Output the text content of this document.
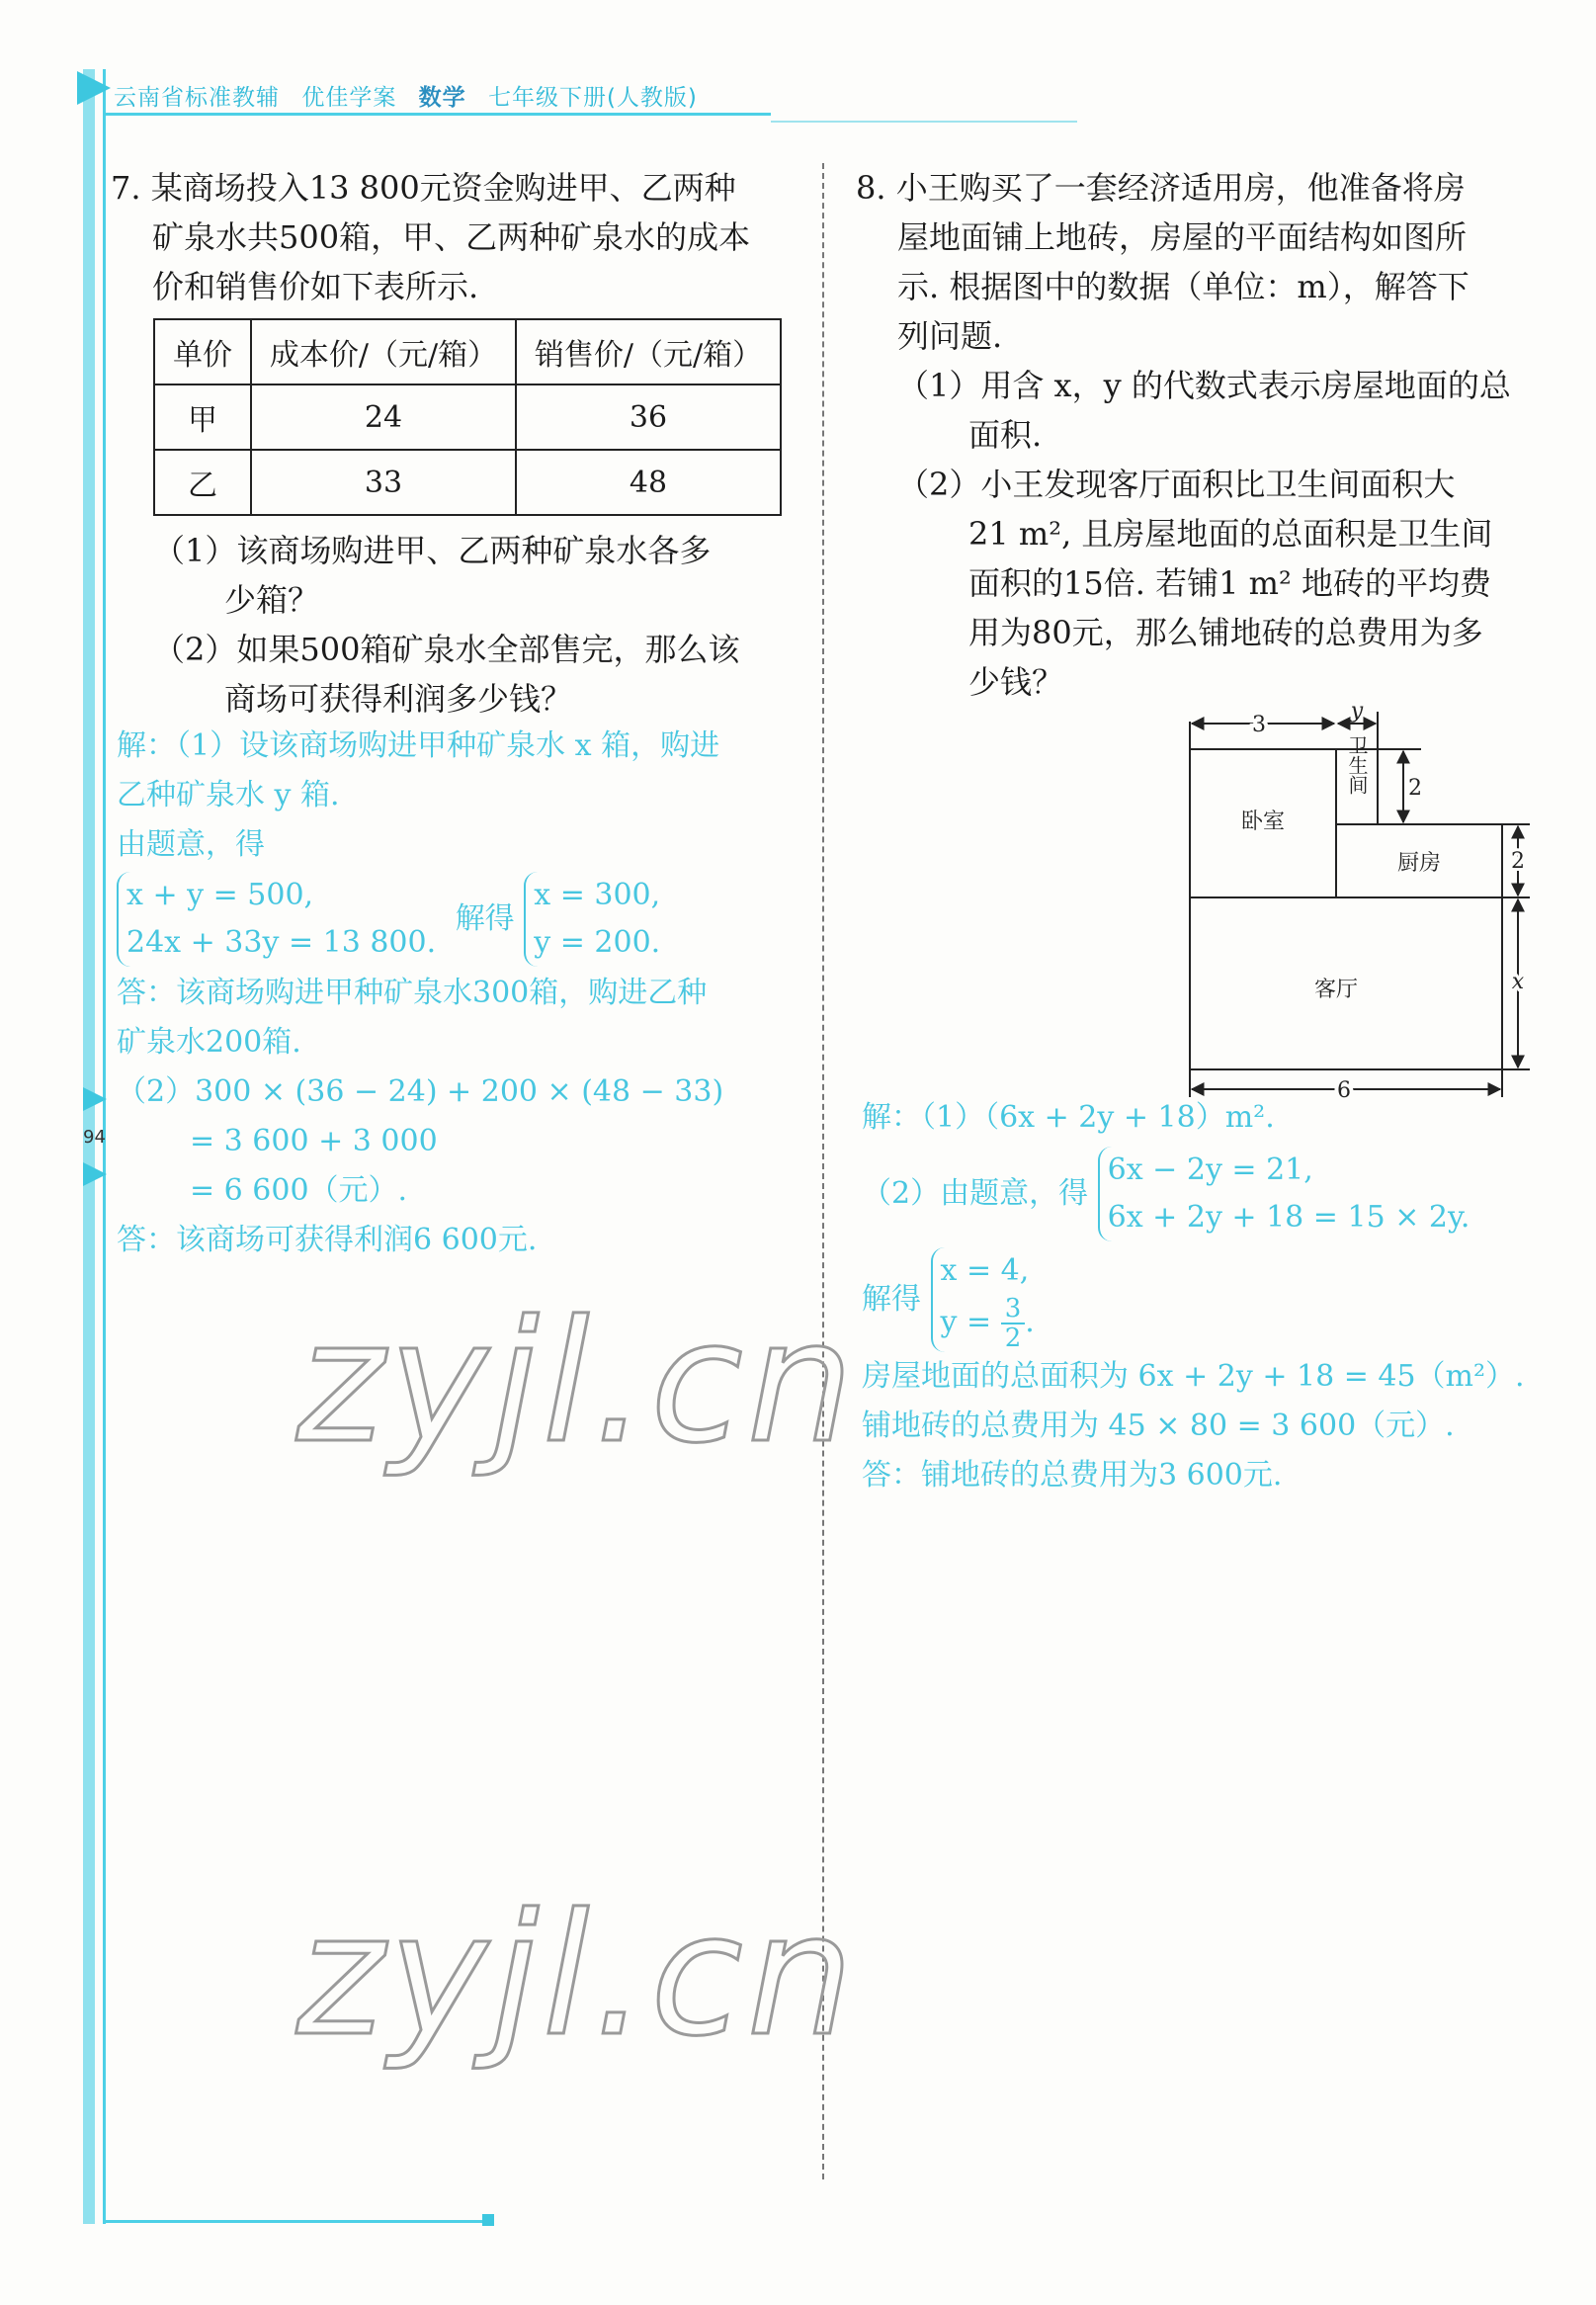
云南省标准教辅 优佳学案 数学 七年级下册(人教版)
94

7. 某商场投入13 800元资金购进甲、乙两种

矿泉水共500箱，甲、乙两种矿泉水的成本

价和销售价如下表所示.

单价	成本价/（元/箱）	销售价/（元/箱）
甲	24	36
乙	33	48

（1）该商场购进甲、乙两种矿泉水各多

少箱？

（2）如果500箱矿泉水全部售完，那么该

商场可获得利润多少钱？

解：（1）设该商场购进甲种矿泉水 x 箱，购进

乙种矿泉水 y 箱.

由题意，得

x + y = 500,
24x + 33y = 13 800.
解得
x = 300,
y = 200.

答：该商场购进甲种矿泉水300箱，购进乙种

矿泉水200箱.

（2）300 × (36 − 24) + 200 × (48 − 33)

= 3 600 + 3 000

= 6 600（元）.

答：该商场可获得利润6 600元.

8. 小王购买了一套经济适用房，他准备将房

屋地面铺上地砖，房屋的平面结构如图所

示. 根据图中的数据（单位：m），解答下

列问题.

（1）用含 x，y 的代数式表示房屋地面的总

面积.

（2）小王发现客厅面积比卫生间面积大

21 m², 且房屋地面的总面积是卫生间

面积的15倍. 若铺1 m² 地砖的平均费

用为80元，那么铺地砖的总费用为多

少钱？

3
y
2
2
x
6
卧室
厨房
客厅
卫生间

解：（1）（6x + 2y + 18）m².

（2）由题意，得
6x − 2y = 21,
6x + 2y + 18 = 15 × 2y.
解得
x = 4,
$y = \frac{3}{2}$ .

房屋地面的总面积为 6x + 2y + 18 = 45（m²）.

铺地砖的总费用为 45 × 80 = 3 600（元）.

答：铺地砖的总费用为3 600元.

zyjl.cn
zyjl.cn
